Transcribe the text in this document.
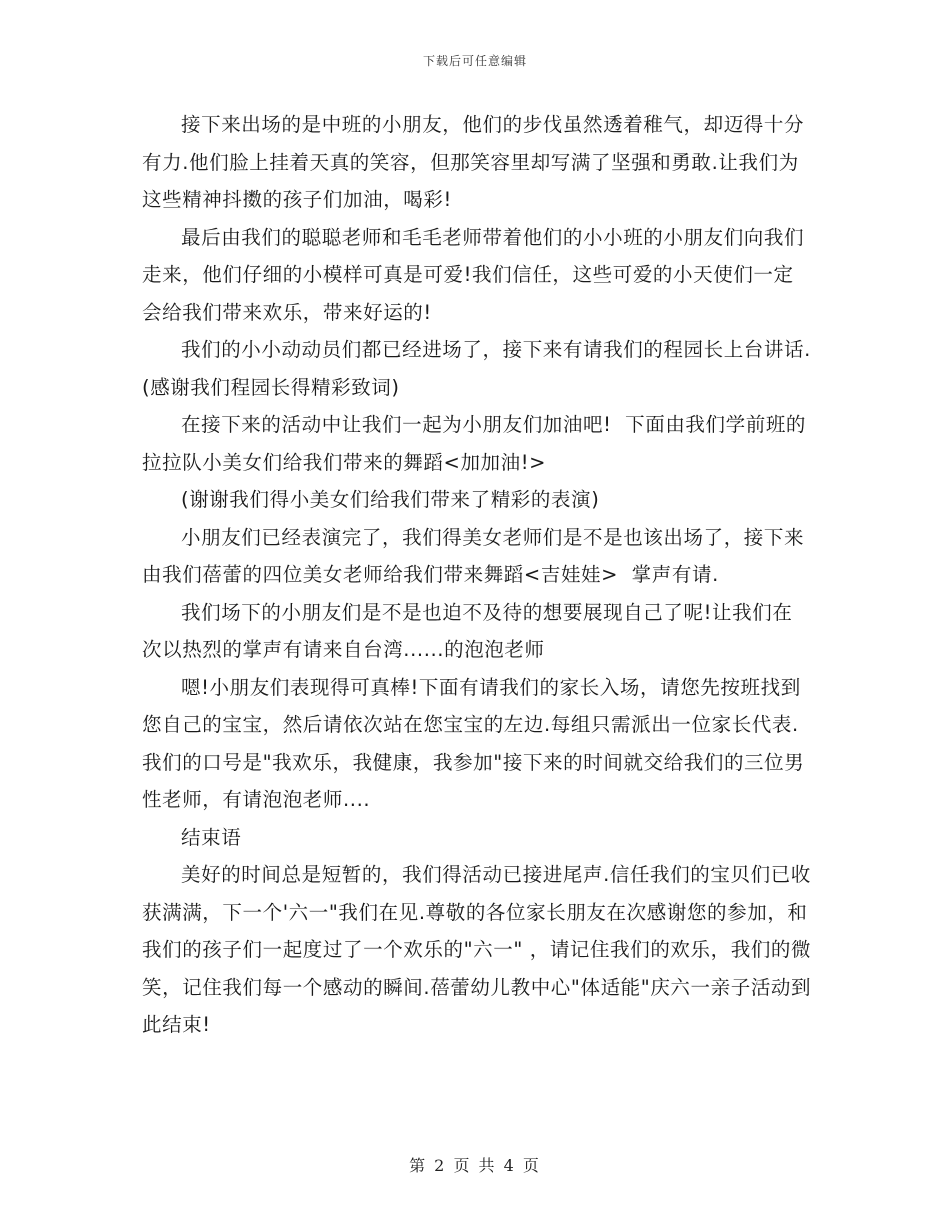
下载后可任意编辑

接下来出场的是中班的小朋友，他们的步伐虽然透着稚气，却迈得十分有力.他们脸上挂着天真的笑容，但那笑容里却写满了坚强和勇敢.让我们为这些精神抖擞的孩子们加油，喝彩!

最后由我们的聪聪老师和毛毛老师带着他们的小小班的小朋友们向我们走来，他们仔细的小模样可真是可爱!我们信任，这些可爱的小天使们一定会给我们带来欢乐，带来好运的!

我们的小小动动员们都已经进场了，接下来有请我们的程园长上台讲话.(感谢我们程园长得精彩致词)

在接下来的活动中让我们一起为小朋友们加油吧!  下面由我们学前班的拉拉队小美女们给我们带来的舞蹈<加加油!>

(谢谢我们得小美女们给我们带来了精彩的表演)

小朋友们已经表演完了，我们得美女老师们是不是也该出场了，接下来由我们蓓蕾的四位美女老师给我们带来舞蹈<吉娃娃>  掌声有请.

我们场下的小朋友们是不是也迫不及待的想要展现自己了呢!让我们在次以热烈的掌声有请来自台湾......的泡泡老师

嗯!小朋友们表现得可真棒!下面有请我们的家长入场，请您先按班找到您自己的宝宝，然后请依次站在您宝宝的左边.每组只需派出一位家长代表.我们的口号是"我欢乐，我健康，我参加"接下来的时间就交给我们的三位男性老师，有请泡泡老师....

结束语

美好的时间总是短暂的，我们得活动已接进尾声.信任我们的宝贝们已收获满满，下一个'六一"我们在见.尊敬的各位家长朋友在次感谢您的参加，和我们的孩子们一起度过了一个欢乐的"六一" ，请记住我们的欢乐，我们的微笑，记住我们每一个感动的瞬间.蓓蕾幼儿教中心"体适能"庆六一亲子活动到此结束!

第 2 页 共 4 页
